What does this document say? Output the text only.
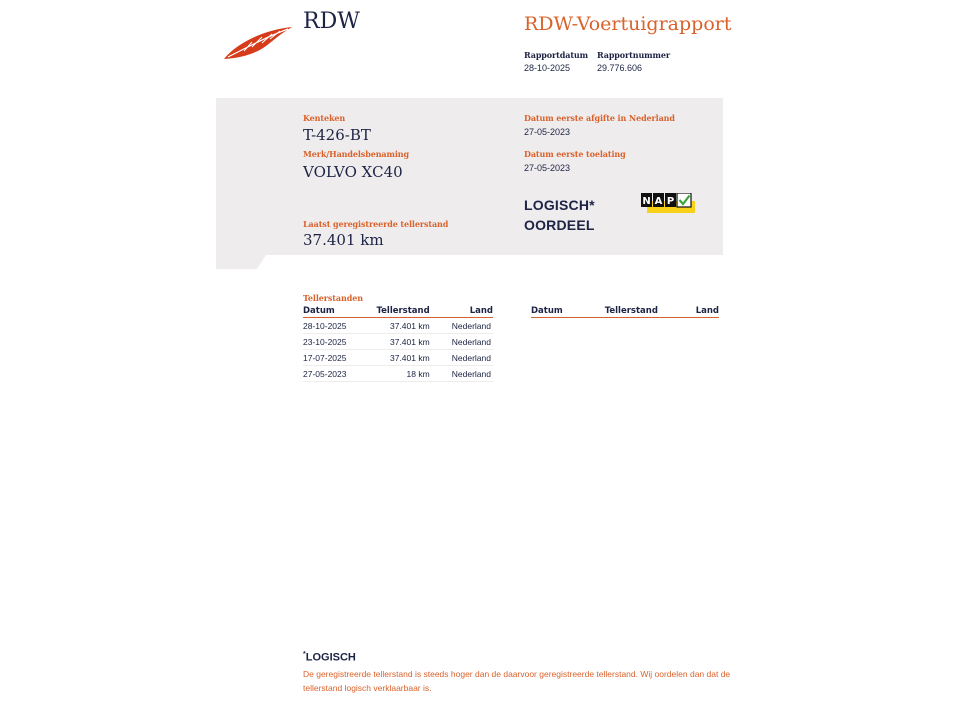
RDW	RDW-Voertuigrapport
Rapportdatum
28-10-2025
Rapportnummer
29.776.606
Kenteken
T-426-BT
Merk/Handelsbenaming
VOLVO XC40
Laatst geregistreerde tellerstand
37.401 km
Datum eerste afgifte in Nederland
27-05-2023
Datum eerste toelating
27-05-2023
LOGISCH*
OORDEEL
N A P
Tellerstanden
Datum	Tellerstand	Land
28-10-2025	37.401 km	Nederland
23-10-2025	37.401 km	Nederland
17-07-2025	37.401 km	Nederland
27-05-2023	18 km	Nederland
Datum	Tellerstand	Land
*LOGISCH
De geregistreerde tellerstand is steeds hoger dan de daarvoor geregistreerde tellerstand. Wij oordelen dan dat de tellerstand logisch verklaarbaar is.
